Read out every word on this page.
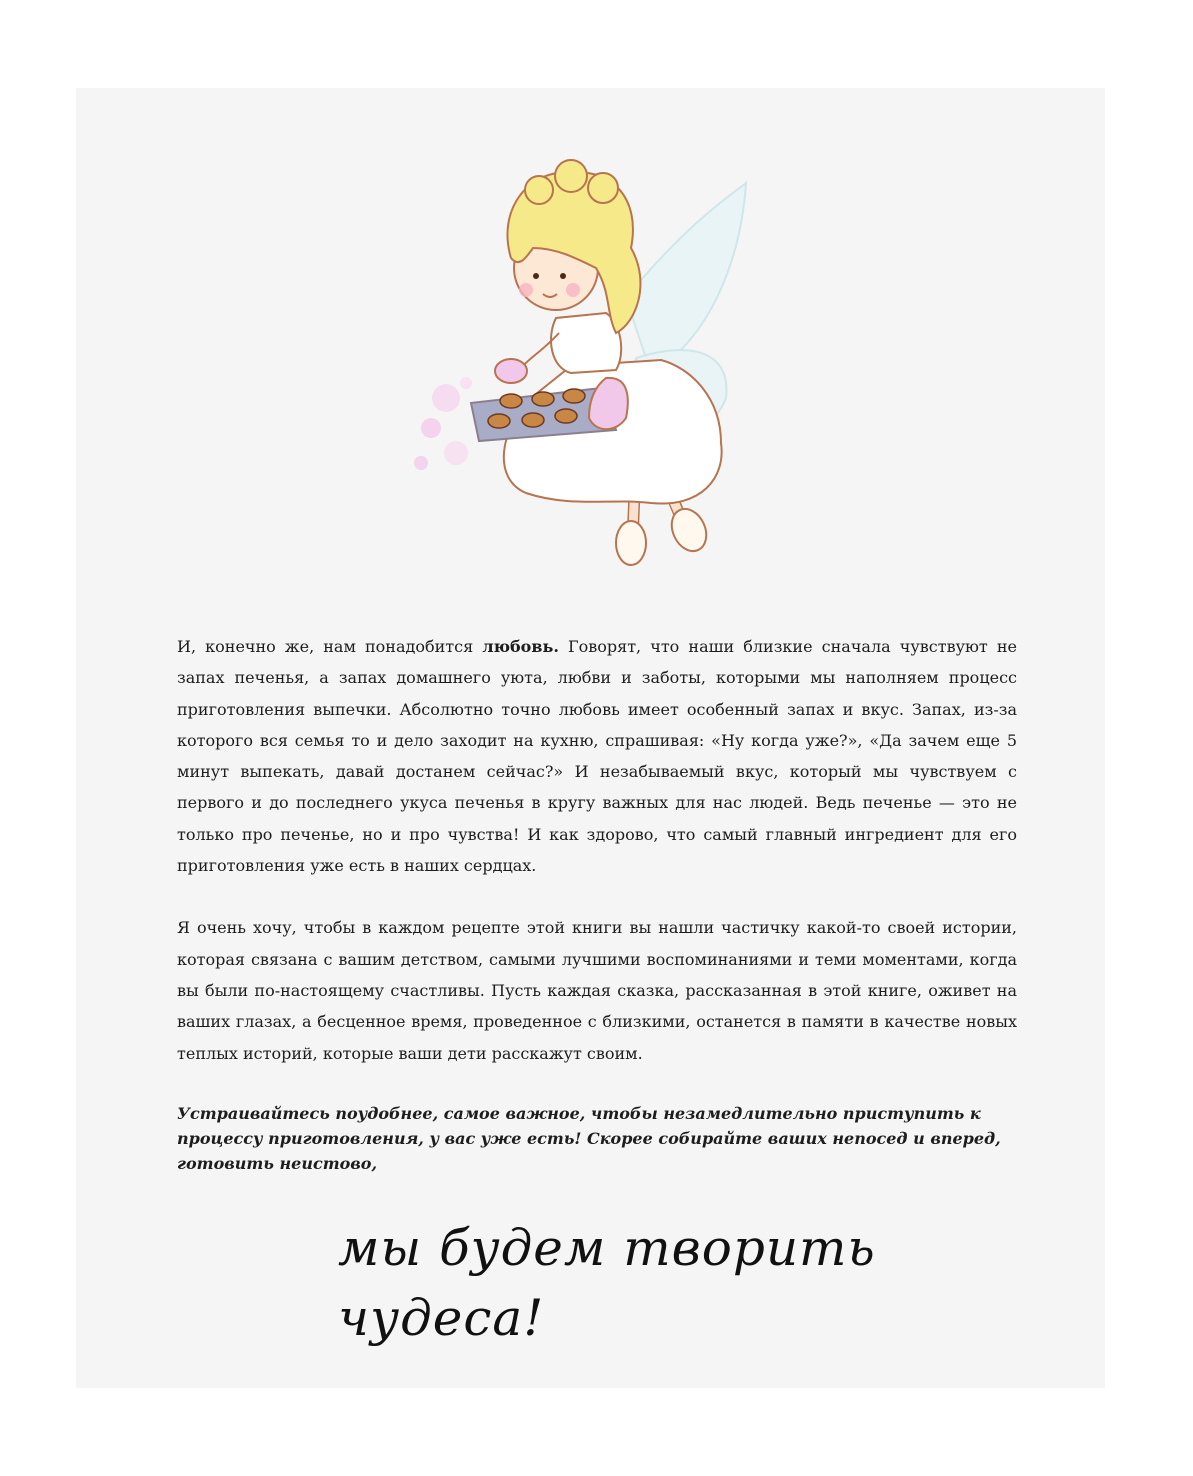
И, конечно же, нам понадобится любовь. Говорят, что наши близкие сначала чувствуют не запах печенья, а запах домашнего уюта, любви и заботы, которыми мы наполняем процесс приготовления выпечки. Абсолютно точно любовь имеет особенный запах и вкус. Запах, из-за которого вся семья то и дело заходит на кухню, спрашивая: «Ну когда уже?», «Да зачем еще 5 минут выпекать, давай достанем сейчас?» И незабываемый вкус, который мы чувствуем с первого и до последнего укуса печенья в кругу важных для нас людей. Ведь печенье — это не только про печенье, но и про чувства! И как здорово, что самый главный ингредиент для его приготовления уже есть в наших сердцах.

Я очень хочу, чтобы в каждом рецепте этой книги вы нашли частичку какой-то своей истории, которая связана с вашим детством, самыми лучшими воспоминаниями и теми моментами, когда вы были по-настоящему счастливы. Пусть каждая сказка, рассказанная в этой книге, оживет на ваших глазах, а бесценное время, проведенное с близкими, останется в памяти в качестве новых теплых историй, которые ваши дети расскажут своим.

Устраивайтесь поудобнее, самое важное, чтобы незамедлительно приступить к процессу приготовления, у вас уже есть! Скорее собирайте ваших непосед и вперед, готовить неистово,

мы будем творить чудеса!
